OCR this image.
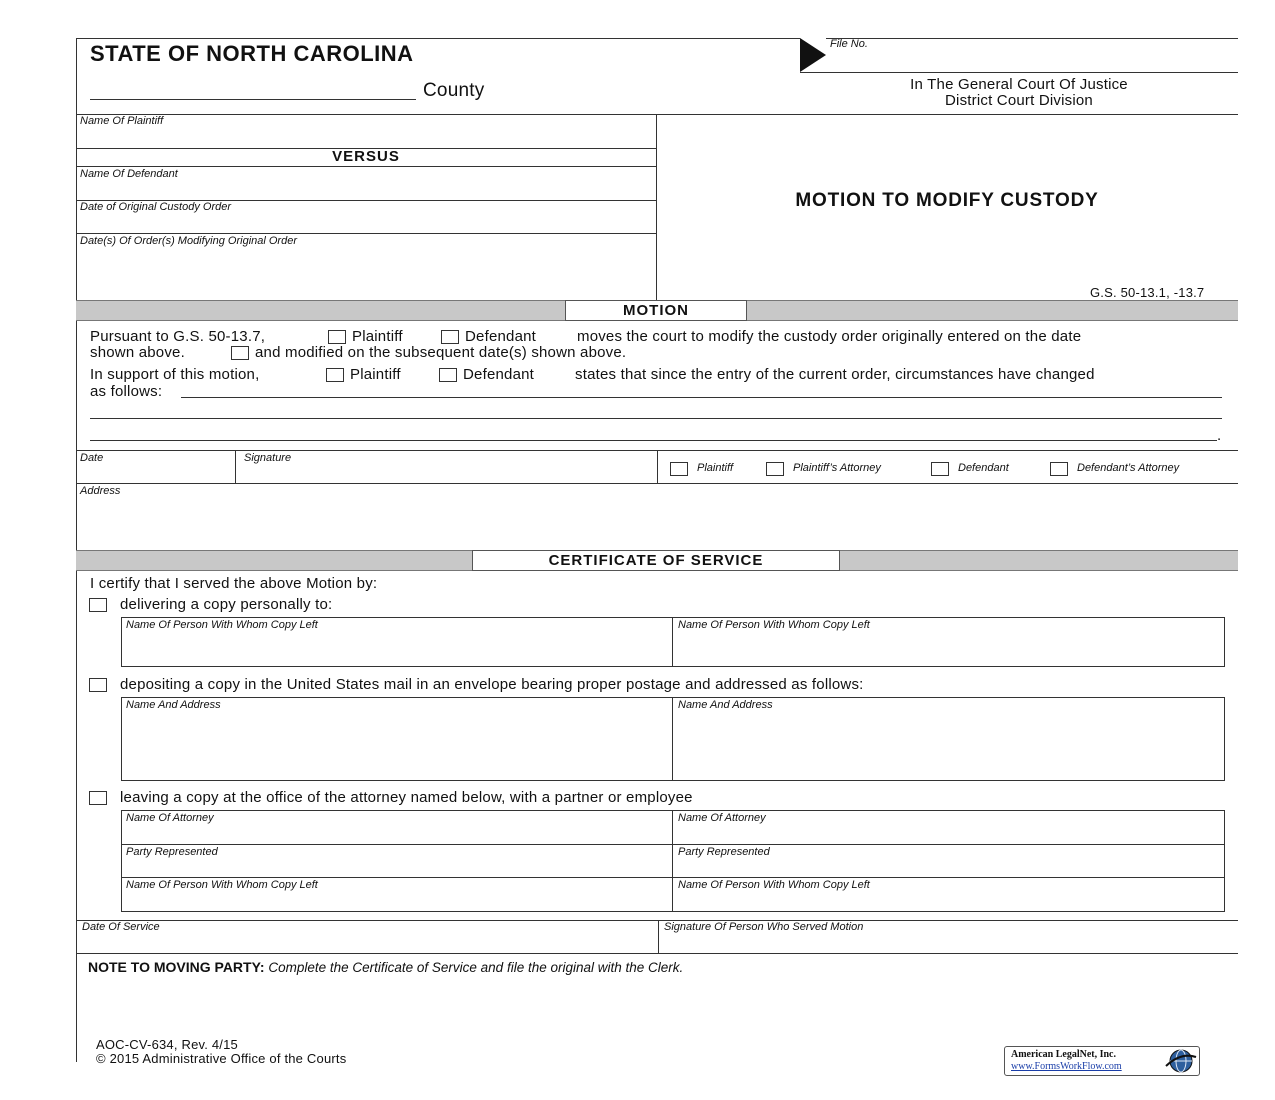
STATE OF NORTH CAROLINA
County
File No.
In The General Court Of Justice
District Court Division
Name Of Plaintiff
VERSUS
Name Of Defendant
Date of Original Custody Order
Date(s) Of Order(s) Modifying Original Order
MOTION TO MODIFY CUSTODY
G.S. 50-13.1, -13.7
MOTION
Pursuant to G.S. 50-13.7,	Plaintiff	Defendant	moves the court to modify the custody order originally entered on the date
shown above.	and modified on the subsequent date(s) shown above.
In support of this motion,	Plaintiff	Defendant	states that since the entry of the current order, circumstances have changed
as follows:
.
Date	Signature
Plaintiff	Plaintiff’s Attorney	Defendant	Defendant’s Attorney
Address
CERTIFICATE OF SERVICE
I certify that I served the above Motion by:
delivering a copy personally to:
Name Of Person With Whom Copy Left	Name Of Person With Whom Copy Left
depositing a copy in the United States mail in an envelope bearing proper postage and addressed as follows:
Name And Address	Name And Address
leaving a copy at the office of the attorney named below, with a partner or employee
Name Of Attorney	Name Of Attorney
Party Represented	Party Represented
Name Of Person With Whom Copy Left	Name Of Person With Whom Copy Left
Date Of Service	Signature Of Person Who Served Motion
NOTE TO MOVING PARTY: Complete the Certificate of Service and file the original with the Clerk.
AOC-CV-634, Rev. 4/15
© 2015 Administrative Office of the Courts	American LegalNet, Inc.
www.FormsWorkFlow.com
